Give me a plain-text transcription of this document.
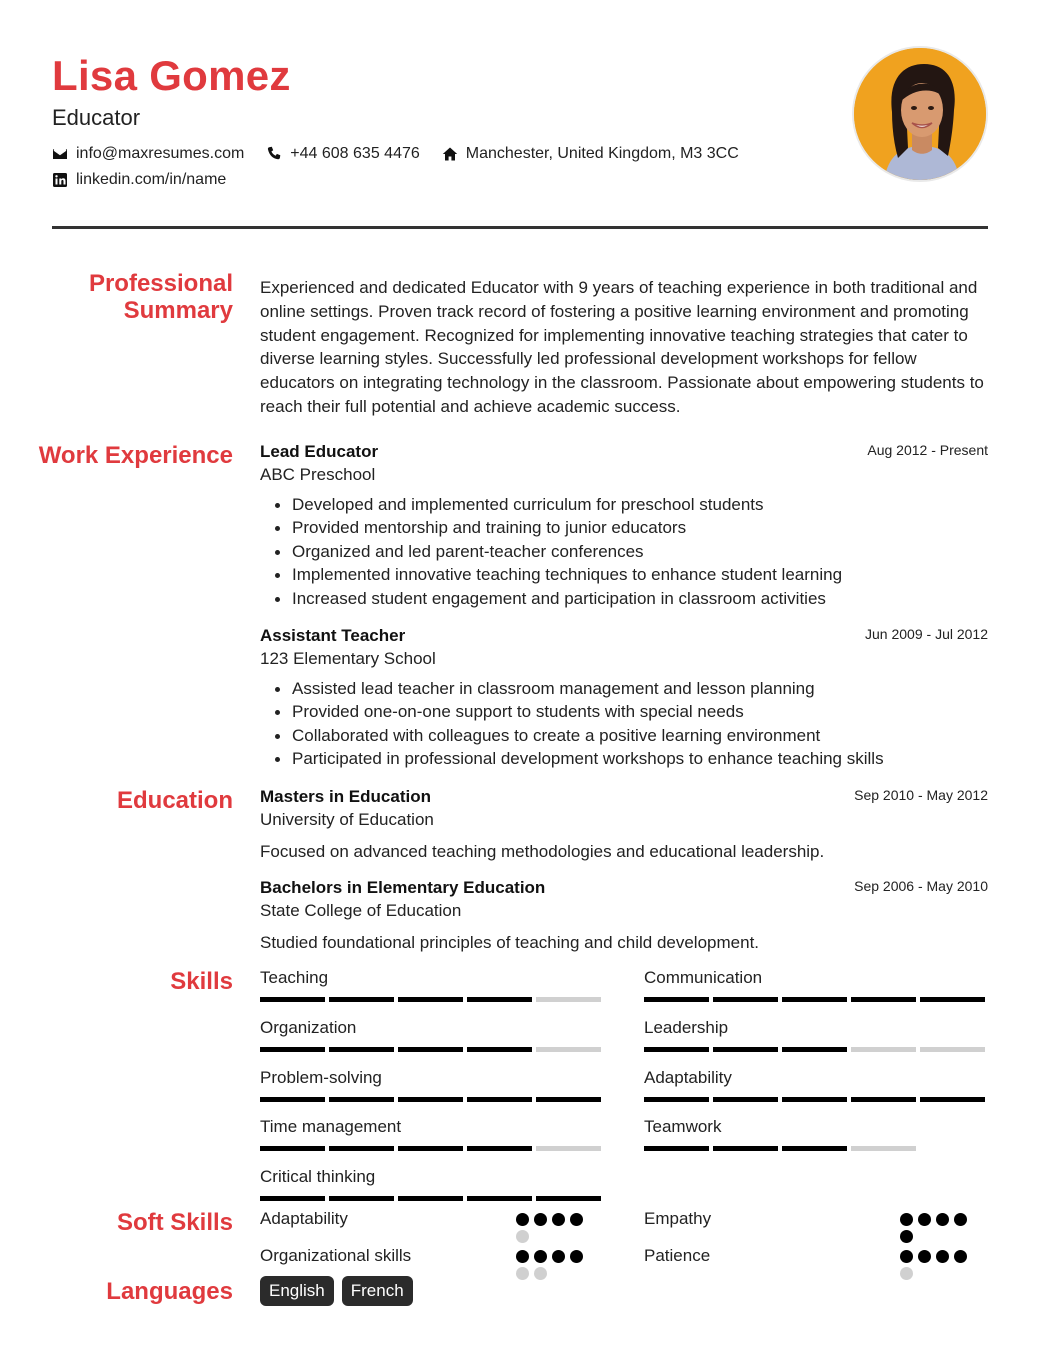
Lisa Gomez
Educator
info@maxresumes.com	+44 608 635 4476	Manchester, United Kingdom, M3 3CC
linkedin.com/in/name
Professional Summary
Work Experience
Education
Skills
Soft Skills
Languages
Experienced and dedicated Educator with 9 years of teaching experience in both traditional and online settings. Proven track record of fostering a positive learning environment and promoting student engagement. Recognized for implementing innovative teaching strategies that cater to diverse learning styles. Successfully led professional development workshops for fellow educators on integrating technology in the classroom. Passionate about empowering students to reach their full potential and achieve academic success.
Lead Educator	Aug 2012 - Present
ABC Preschool
Developed and implemented curriculum for preschool students
Provided mentorship and training to junior educators
Organized and led parent-teacher conferences
Implemented innovative teaching techniques to enhance student learning
Increased student engagement and participation in classroom activities
Assistant Teacher	Jun 2009 - Jul 2012
123 Elementary School
Assisted lead teacher in classroom management and lesson planning
Provided one-on-one support to students with special needs
Collaborated with colleagues to create a positive learning environment
Participated in professional development workshops to enhance teaching skills
Masters in Education	Sep 2010 - May 2012
University of Education
Focused on advanced teaching methodologies and educational leadership.
Bachelors in Elementary Education	Sep 2006 - May 2010
State College of Education
Studied foundational principles of teaching and child development.
Teaching	Communication
Organization	Leadership
Problem-solving	Adaptability
Time management	Teamwork
Critical thinking
Adaptability	Empathy
Organizational skills	Patience
English	French
